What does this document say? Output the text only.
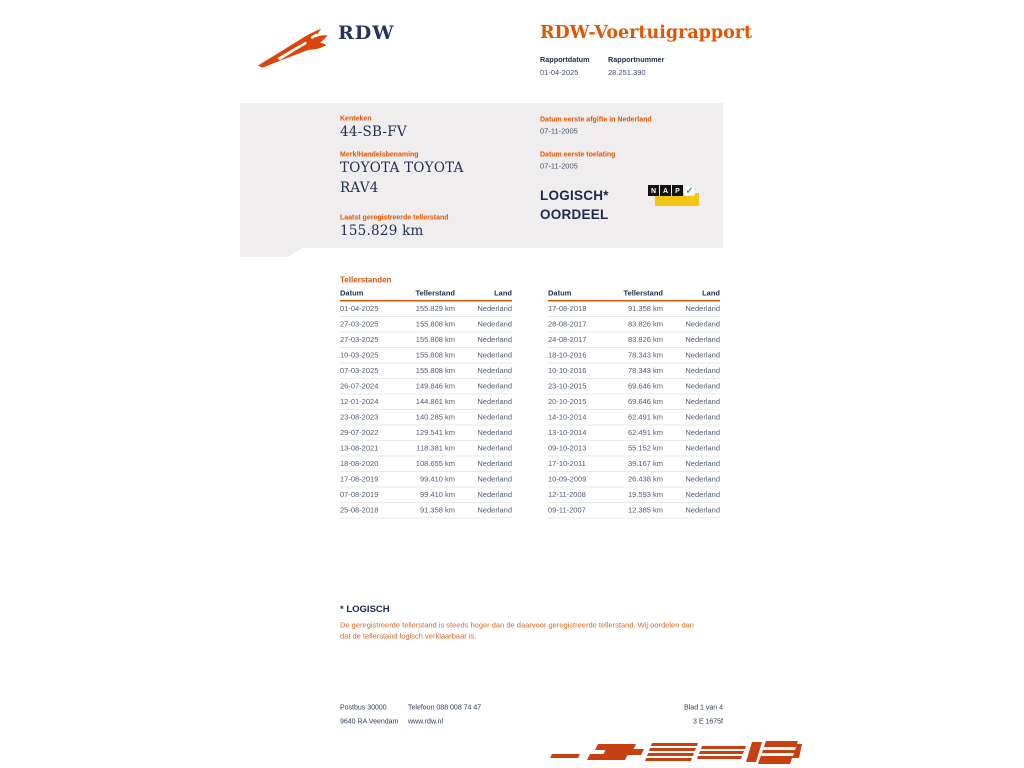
RDW	RDW-Voertuigrapport
Rapportdatum
01-04-2025
Rapportnummer
28.251.390
Kenteken
44-SB-FV
Merk/Handelsbenaming
TOYOTA TOYOTA
RAV4
Laatst geregistreerde tellerstand
155.829 km
Datum eerste afgifte in Nederland
07-11-2005
Datum eerste toelating
07-11-2005
LOGISCH*
OORDEEL
N A P ✓
Tellerstanden
Datum	Tellerstand	Land
01-04-2025	155.829 km	Nederland
27-03-2025	155.808 km	Nederland
27-03-2025	155.808 km	Nederland
10-03-2025	155.808 km	Nederland
07-03-2025	155.808 km	Nederland
26-07-2024	149.846 km	Nederland
12-01-2024	144.861 km	Nederland
23-08-2023	140.285 km	Nederland
29-07-2022	129.541 km	Nederland
13-08-2021	118.381 km	Nederland
18-08-2020	108.655 km	Nederland
17-08-2019	99.410 km	Nederland
07-08-2019	99.410 km	Nederland
25-08-2018	91.358 km	Nederland
Datum	Tellerstand	Land
17-08-2018	91.358 km	Nederland
28-08-2017	83.826 km	Nederland
24-08-2017	83.826 km	Nederland
18-10-2016	78.343 km	Nederland
10-10-2016	78.343 km	Nederland
23-10-2015	69.646 km	Nederland
20-10-2015	69.646 km	Nederland
14-10-2014	62.491 km	Nederland
13-10-2014	62.491 km	Nederland
09-10-2013	55.152 km	Nederland
17-10-2011	39.167 km	Nederland
10-09-2009	26.438 km	Nederland
12-11-2008	19.593 km	Nederland
09-11-2007	12.385 km	Nederland
* LOGISCH
De geregistreerde tellerstand is steeds hoger dan de daarvoor geregistreerde tellerstand. Wij oordelen dan
dat de tellerstand logisch verklaarbaar is.
Postbus 30000
9640 RA Veendam
Telefoon 088 008 74 47
www.rdw.nl
Blad 1 van 4
3 E 1675f
